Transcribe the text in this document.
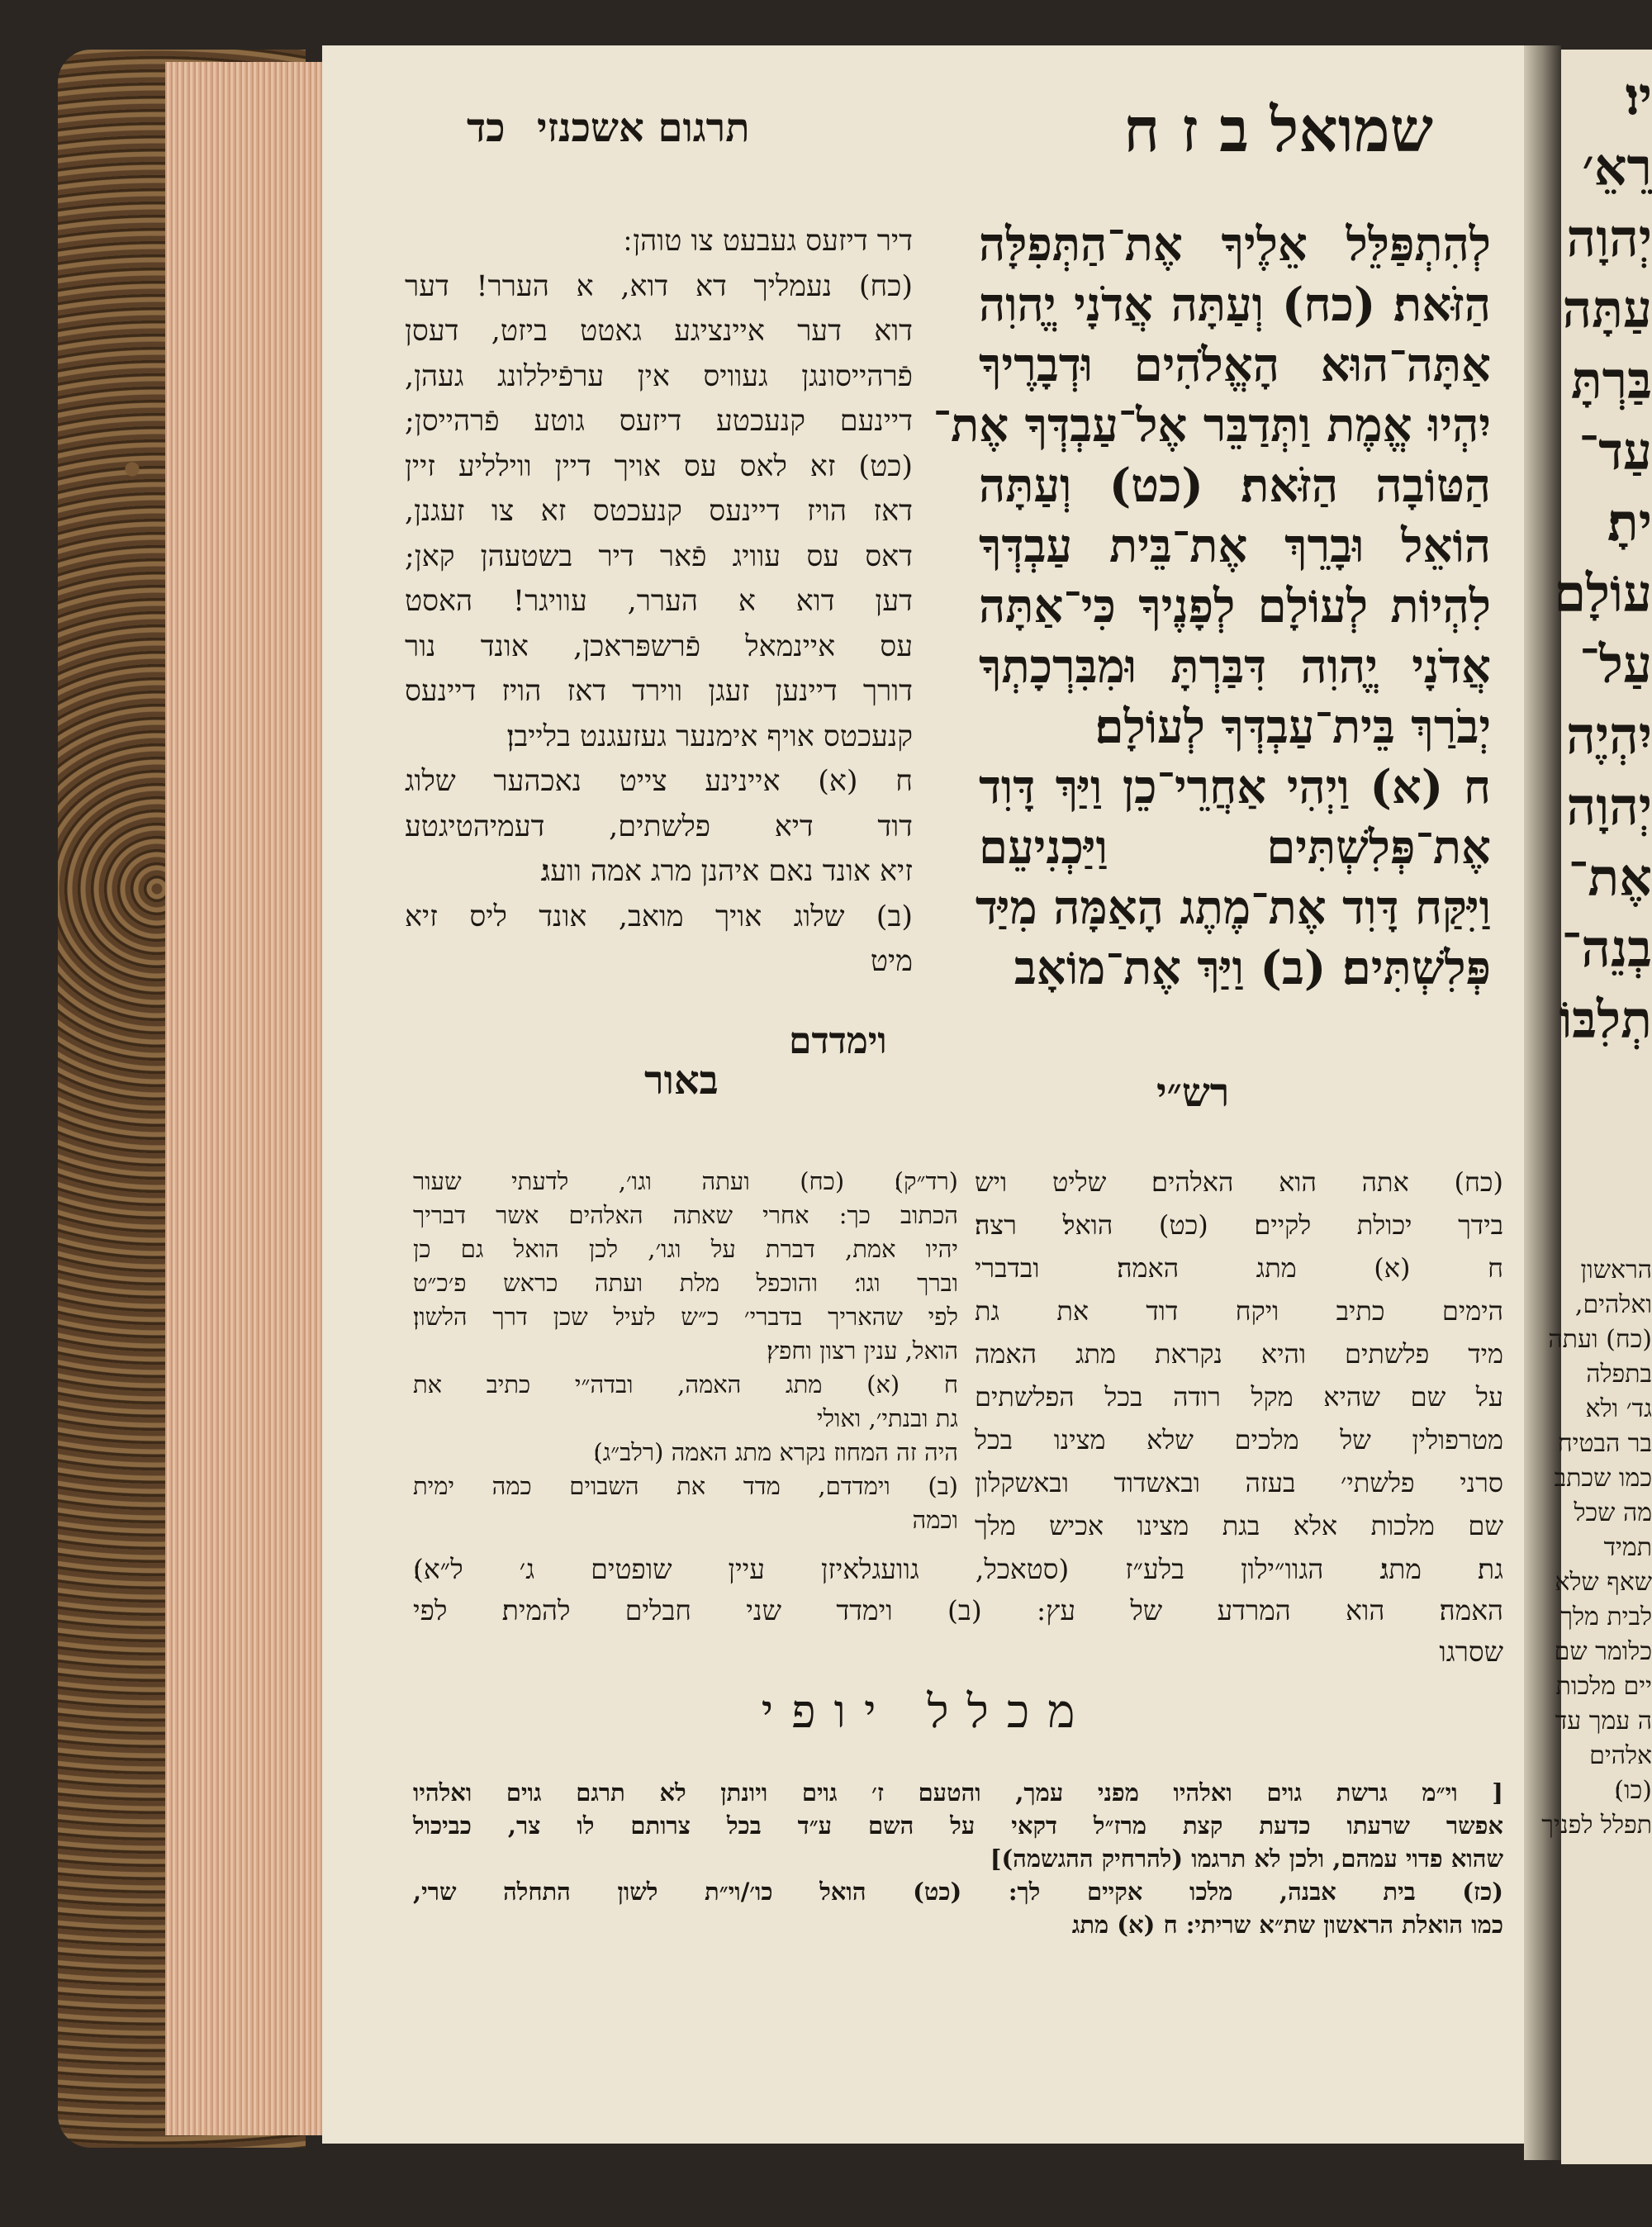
שמואל ב ז ח
תרגום אשכנזי
כד
לְהִתְפַּלֵּל אֵלֶיךָ אֶת־הַתְּפִלָּה
הַזֹּאת׃ (כח) וְעַתָּה אֲדֹנָי יֱהוִה
אַתָּה־הוּא הָאֱלֹהִים וּדְבָרֶיךָ
יִהְיוּ אֱמֶת וַתְּדַבֵּר אֶל־עַבְדְּךָ אֶת־
הַטּוֹבָה הַזֹּאת׃ (כט) וְעַתָּה
הוֹאֵל וּבָרֵךְ אֶת־בֵּית עַבְדְּךָ
לִהְיוֹת לְעוֹלָם לְפָנֶיךָ כִּי־אַתָּה
אֲדֹנָי יֱהוִה דִּבַּרְתָּ וּמִבִּרְכָתְךָ
יְבֹרַךְ בֵּית־עַבְדְּךָ לְעוֹלָם׃
ח (א) וַיְהִי אַחֲרֵי־כֵן וַיַּךְ דָּוִד
אֶת־פְּלִשְׁתִּים וַיַּכְנִיעֵם
וַיִּקַּח דָּוִד אֶת־מֶתֶג הָאַמָּה מִיַּד
פְּלִשְׁתִּים׃ (ב) וַיַּךְ אֶת־מוֹאָב
דיר דיזעס געבעט צו טוהן ׃
(כח) נעמליך דא דוא, א הערר! דער
דוא דער איינציגע גאטט ביזט, דעסן
פֿרהייסונגן געוויס אין ערפֿיללונג געהן,
דיינעם קנעכטע דיזעס גוטע פֿרהייסן;
(כט) זא לאס עס אויך דיין ווילליע זיין
דאז הויז דיינעס קנעכטס זא צו זעגנן,
דאס עס עוויג פֿאר דיר בשטעהן קאן;
דען דוא א הערר, עוויגר! האסט
עס איינמאל פֿרשפּראכן, אונד נור
דורך דיינען זעגן ווירד דאז הויז דיינעס
קנעכטס אויף אימנער געזעגנט בלייבן׃
ח (א) איינינע צייט נאכהער שלוג
דוד דיא פלשתים, דעמיהטיגטע
זיא אונד נאם איהנן מרג אמה וועג׃
(ב) שלוג אויך מואב, אונד ליס זיא
מיט
וימדדם
רש״י
באור
(כח) אתה הוא האלהים׃ שליט ויש
בידך יכולת לקיים׃ (כט) הואל׃ רצה׃
ח (א) מתג האמה׃ ובדברי
הימים כתיב ויקח דוד את גת
מיד פלשתים והיא נקראת מתג האמה
על שם שהיא מקל רודה בכל הפלשתים
מטרפולין של מלכים שלא מצינו בכל
סרני פלשתי׳ בעזה ובאשדוד ובאשקלון
שם מלכות אלא בגת מצינו אכיש מלך
(רד״ק)׃ (כח) ועתה וגו׳, לדעתי שעור
הכתוב כך: אחרי שאתה האלהים אשר דבריך
יהיו אמת, דברת על וגו׳, לכן הואל גם כן
וברך וגו׳׃ והוכפל מלת ועתה כראש פ׳כ״ט
לפי שהאריך בדברי׳ כ״ש לעיל שכן דרך הלשון׃
הואל, ענין רצון וחפץ׃
ח (א) מתג האמה, ובדה״י כתיב את
גת ובנתי׳, ואולי
היה זה המחוז נקרא מתג האמה (רלב״ג)׃
(ב) וימדדם, מדד את השבוים כמה ימית
וכמה
גת׃ מתג׃ הגוו״ילון בלע״ז (סטאכל, גוועגלאיזן עיין שופטים ג׳ ל״א)׃
האמה׃ הוא המרדע של עץ: (ב) וימדד שני חבלים להמית׃ לפי
שסרגו
מכלל יופי
[ וי״מ גרשת גוים ואלהיו מפני עמך, והטעם ז׳ גוים ויונתן לא תרגם גוים ואלהיו
אפשר שרעתו כדעת קצת מרז״ל דקאי על השם ע״ד בכל צרותם לו צר, כביכול
שהוא פדוי עמהם, ולכן לא תרגמו (להרחיק ההגשמה)]
(כז) בית אבנה, מלכו אקיים לך: (כט) הואל כו׳/וי״ת לשון התחלה שרי,
כמו הואלת הראשון שת״א שריתי: ח (א) מתג
יו׃
רֵאֵ׳
יְהוָה
עַתָּה
בַּרְתָּ
עַד־
יתָ׃
עוֹלָם
עַל־
יִהְיֶה
יְהוָה
אֶת־
בְנֵה־
תְלִבּוֹ
הראשון
ואלהים,
(כח) ועתה
בתפלה
גד׳ ולא
בר הבטיח
כמו שכתב
מה שכל
תמיד
שאף שלא
לבית מלך
כלומר שם
יים מלכות
ה עמך עד
אלהים
(כו)׃
תפלל לפניך
